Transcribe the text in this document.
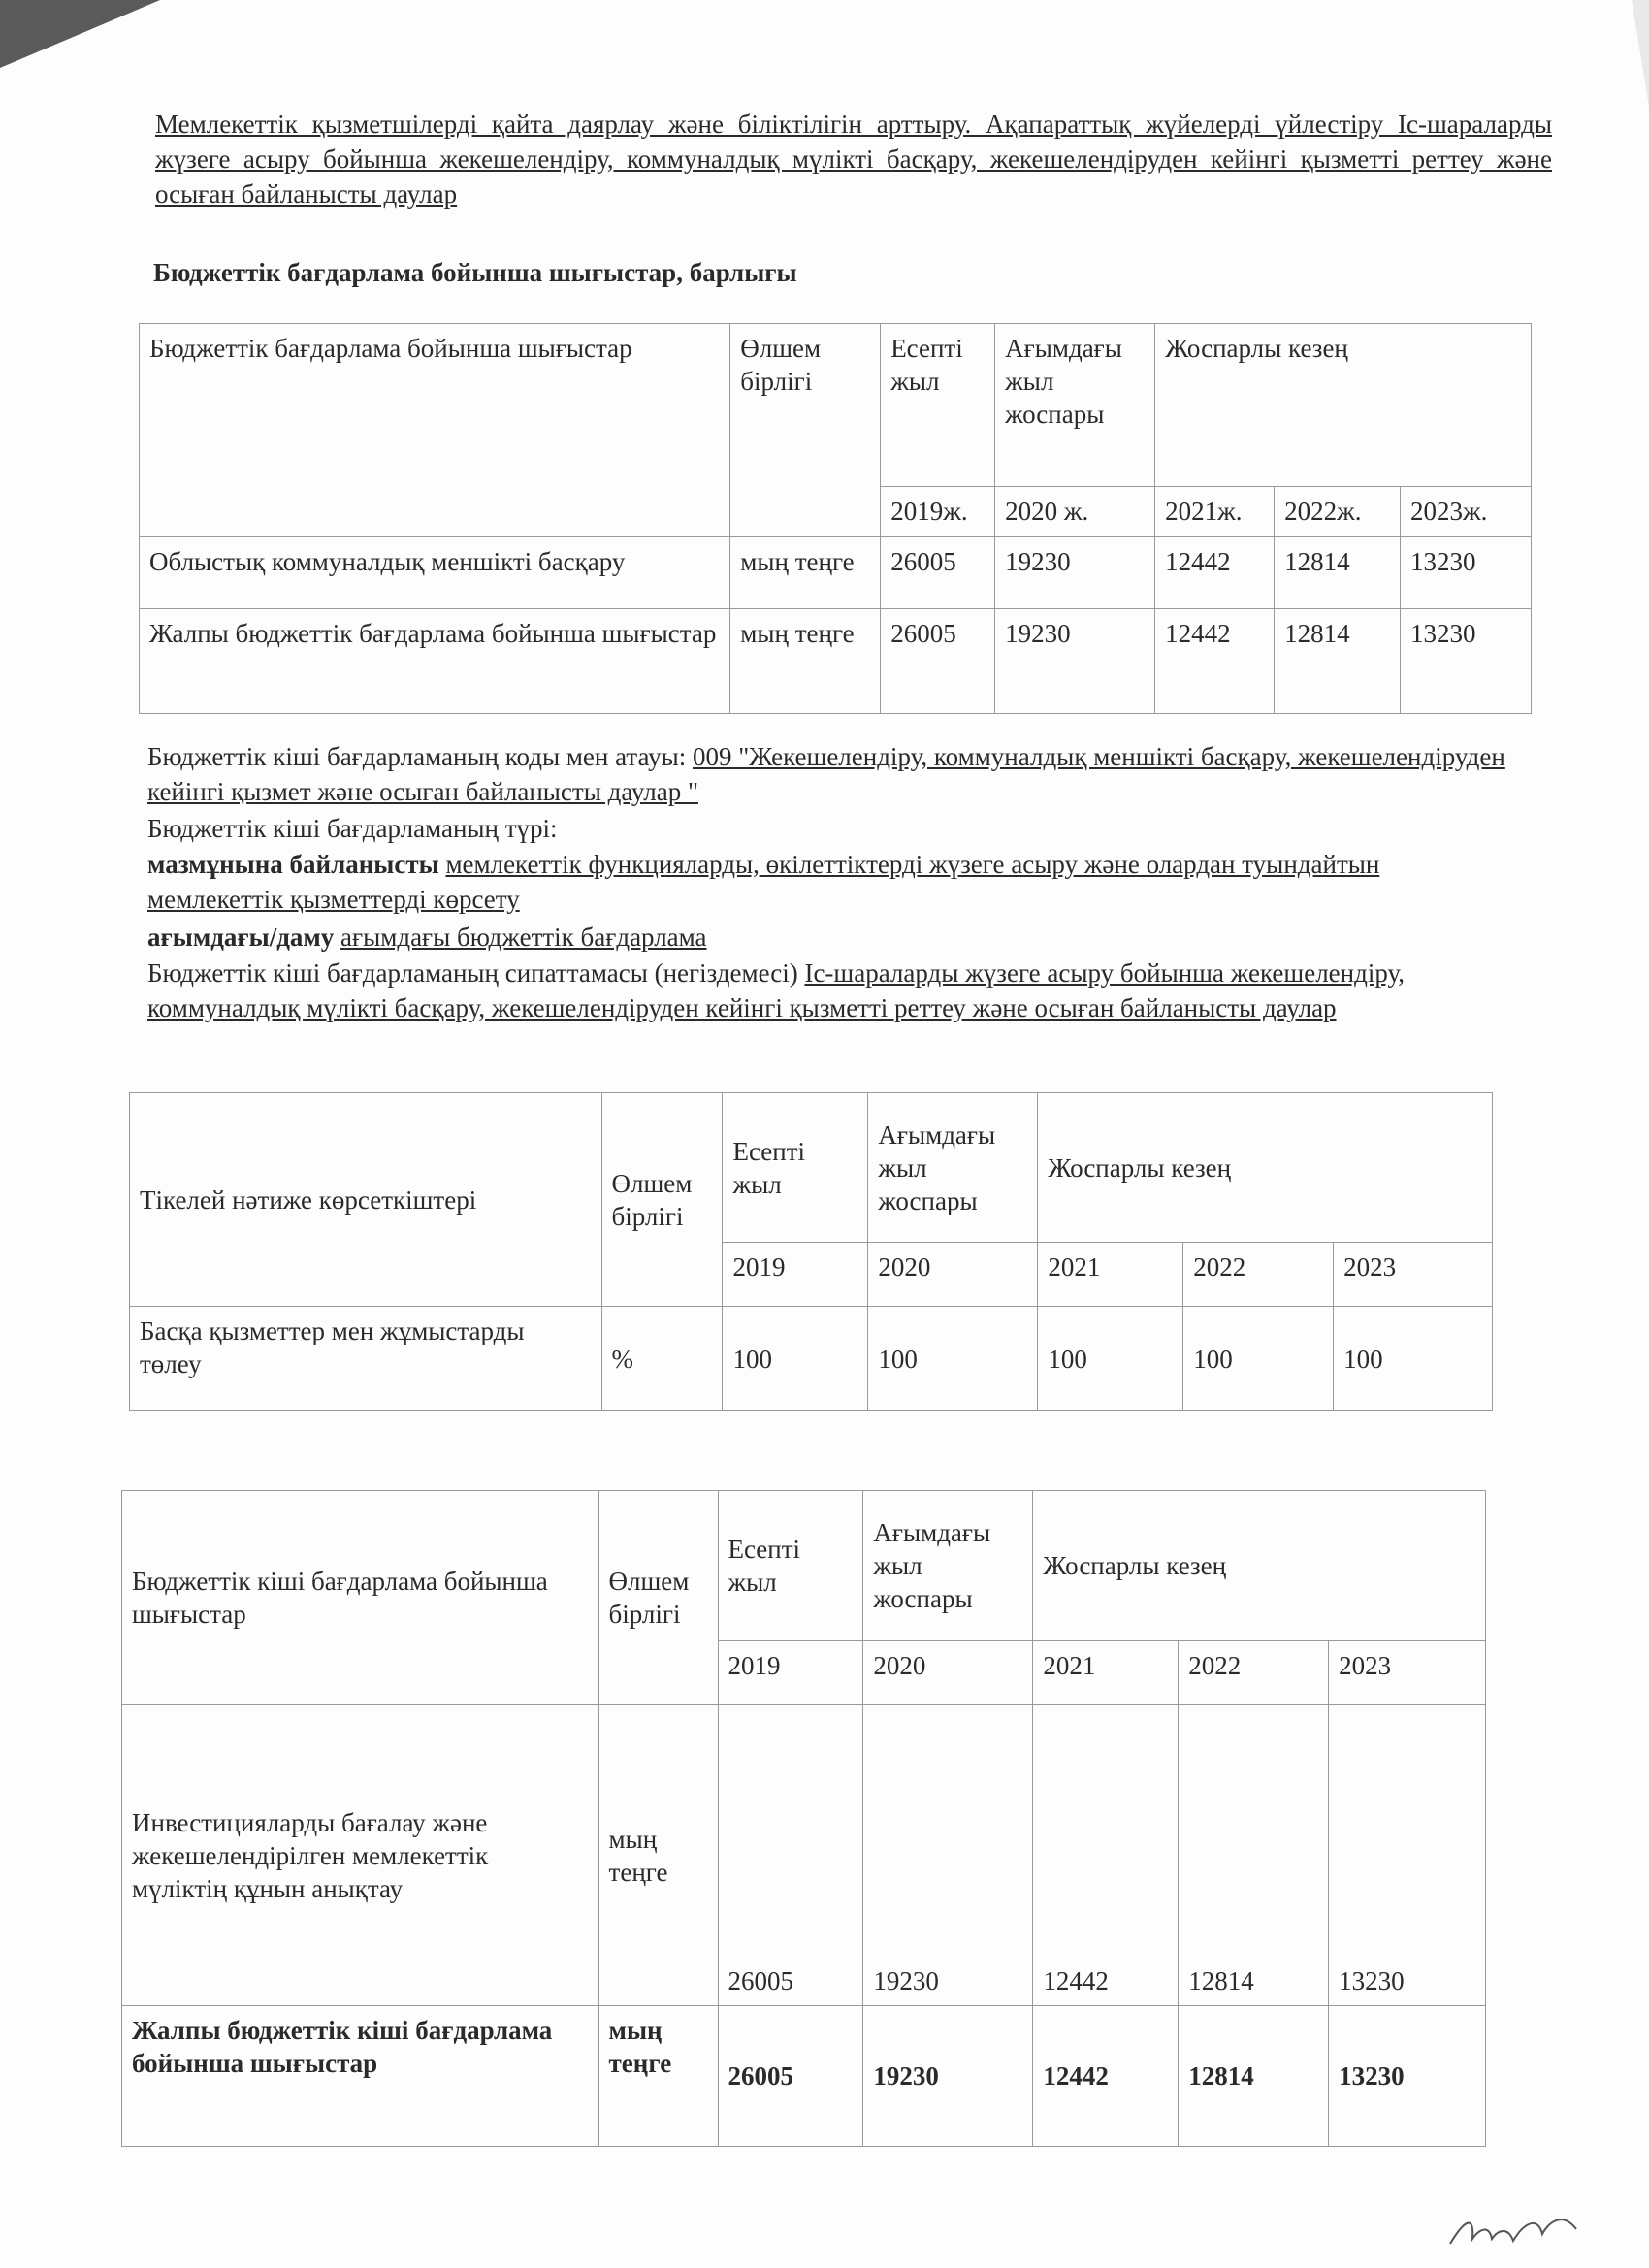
Мемлекеттік қызметшілерді қайта даярлау және біліктілігін арттыру. Ақапараттық жүйелерді үйлестіру Іс-шараларды жүзеге асыру бойынша жекешелендіру, коммуналдық мүлікті басқару, жекешелендіруден кейінгі қызметті реттеу және осыған байланысты даулар
Бюджеттік бағдарлама бойынша шығыстар, барлығы
Бюджеттік бағдарлама бойынша шығыстар	Өлшем бірлігі	Есепті жыл	Ағымдағы жыл жоспары	Жоспарлы кезең		
		2019ж.	2020 ж.	2021ж.	2022ж.	2023ж.
Облыстық коммуналдық меншікті басқару	мың теңге	26005	19230	12442	12814	13230
Жалпы бюджеттік бағдарлама бойынша шығыстар	мың теңге	26005	19230	12442	12814	13230
Бюджеттік кіші бағдарламаның коды мен атауы: 009 "Жекешелендіру, коммуналдық меншікті басқару, жекешелендіруден кейінгі қызмет және осыған байланысты даулар "
Бюджеттік кіші бағдарламаның түрі:
мазмұнына байланысты мемлекеттік функцияларды, өкілеттіктерді жүзеге асыру және олардан туындайтын мемлекеттік қызметтерді көрсету
ағымдағы/даму ағымдағы бюджеттік бағдарлама
Бюджеттік кіші бағдарламаның сипаттамасы (негіздемесі) Іс-шараларды жүзеге асыру бойынша жекешелендіру, коммуналдық мүлікті басқару, жекешелендіруден кейінгі қызметті реттеу және осыған байланысты даулар
Тікелей нәтиже көрсеткіштері	Өлшем бірлігі	Есепті жыл	Ағымдағы жыл жоспары	Жоспарлы кезең		
		2019	2020	2021	2022	2023
Басқа қызметтер мен жұмыстарды төлеу	%	100	100	100	100	100
Бюджеттік кіші бағдарлама бойынша шығыстар	Өлшем бірлігі	Есепті жыл	Ағымдағы жыл жоспары	Жоспарлы кезең		
		2019	2020	2021	2022	2023
Инвестицияларды бағалау және жекешелендірілген мемлекеттік мүліктің құнын анықтау	мың теңге	26005	19230	12442	12814	13230
Жалпы бюджеттік кіші бағдарлама бойынша шығыстар	мың теңге	26005	19230	12442	12814	13230
